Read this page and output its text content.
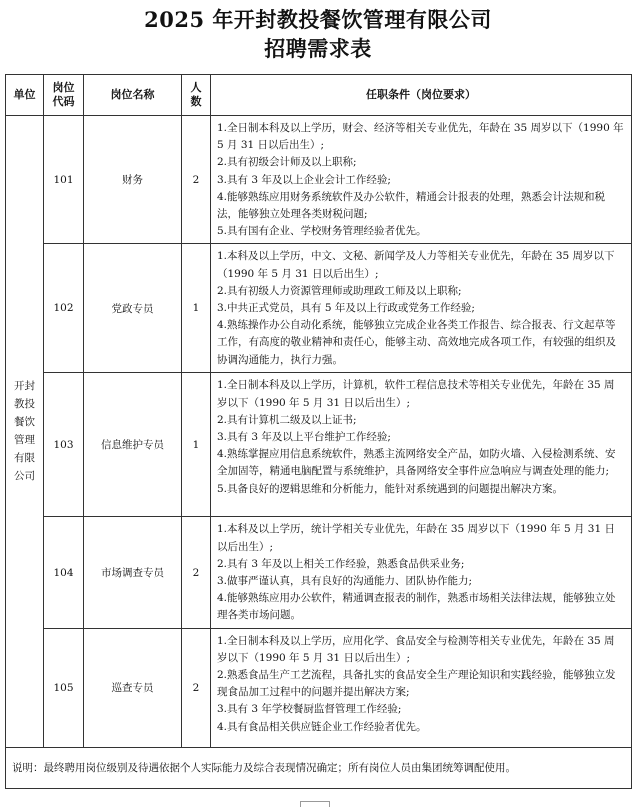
2025 年开封教投餐饮管理有限公司
招聘需求表
单位	岗位代码	岗位名称	人数	任职条件（岗位要求）

开封教投餐饮管理有限公司	101	财务	2	1.全日制本科及以上学历，财会、经济等相关专业优先，年龄在 35 周岁以下（1990 年 5 月 31 日以后出生）;
2.具有初级会计师及以上职称;
3.具有 3 年及以上企业会计工作经验;
4.能够熟练应用财务系统软件及办公软件，精通会计报表的处理，熟悉会计法规和税法，能够独立处理各类财税问题;
5.具有国有企业、学校财务管理经验者优先。

	102	党政专员	1	1.本科及以上学历，中文、文秘、新闻学及人力等相关专业优先，年龄在 35 周岁以下（1990 年 5 月 31 日以后出生）;
2.具有初级人力资源管理师或助理政工师及以上职称;
3.中共正式党员，具有 5 年及以上行政或党务工作经验;
4.熟练操作办公自动化系统，能够独立完成企业各类工作报告、综合报表、行文起草等工作，有高度的敬业精神和责任心，能够主动、高效地完成各项工作，有较强的组织及协调沟通能力，执行力强。

	103	信息维护专员	1	1.全日制本科及以上学历，计算机，软件工程信息技术等相关专业优先，年龄在 35 周岁以下（1990 年 5 月 31 日以后出生）;
2.具有计算机二级及以上证书;
3.具有 3 年及以上平台维护工作经验;
4.熟练掌握应用信息系统软件，熟悉主流网络安全产品，如防火墙、入侵检测系统、安全加固等，精通电脑配置与系统维护，具备网络安全事件应急响应与调查处理的能力;
5.具备良好的逻辑思维和分析能力，能针对系统遇到的问题提出解决方案。

	104	市场调查专员	2	1.本科及以上学历，统计学相关专业优先，年龄在 35 周岁以下（1990 年 5 月 31 日以后出生）;
2.具有 3 年及以上相关工作经验，熟悉食品供采业务;
3.做事严谨认真，具有良好的沟通能力、团队协作能力;
4.能够熟练应用办公软件，精通调查报表的制作，熟悉市场相关法律法规，能够独立处理各类市场问题。

	105	巡查专员	2	1.全日制本科及以上学历，应用化学、食品安全与检测等相关专业优先，年龄在 35 周岁以下（1990 年 5 月 31 日以后出生）;
2.熟悉食品生产工艺流程，具备扎实的食品安全生产理论知识和实践经验，能够独立发现食品加工过程中的问题并提出解决方案;
3.具有 3 年学校餐厨监督管理工作经验;
4.具有食品相关供应链企业工作经验者优先。

说明：最终聘用岗位级别及待遇依据个人实际能力及综合表现情况确定；所有岗位人员由集团统筹调配使用。				
